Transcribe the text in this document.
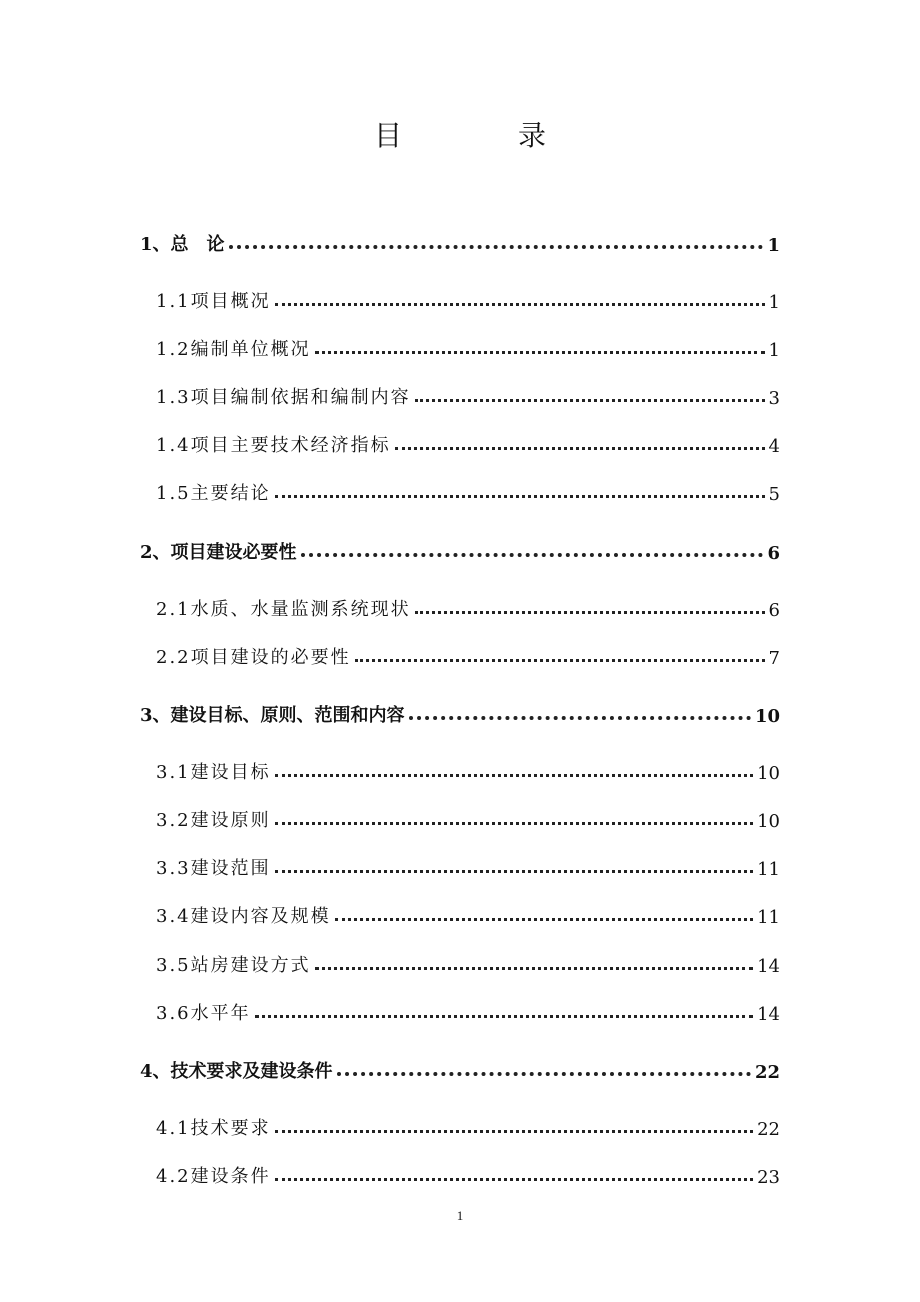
目　录
1、总　论	1
1.1项目概况	1
1.2编制单位概况	1
1.3项目编制依据和编制内容	3
1.4项目主要技术经济指标	4
1.5主要结论	5
2、项目建设必要性	6
2.1水质、水量监测系统现状	6
2.2项目建设的必要性	7
3、建设目标、原则、范围和内容	10
3.1建设目标	10
3.2建设原则	10
3.3建设范围	11
3.4建设内容及规模	11
3.5站房建设方式	14
3.6水平年	14
4、技术要求及建设条件	22
4.1技术要求	22
4.2建设条件	23
1
